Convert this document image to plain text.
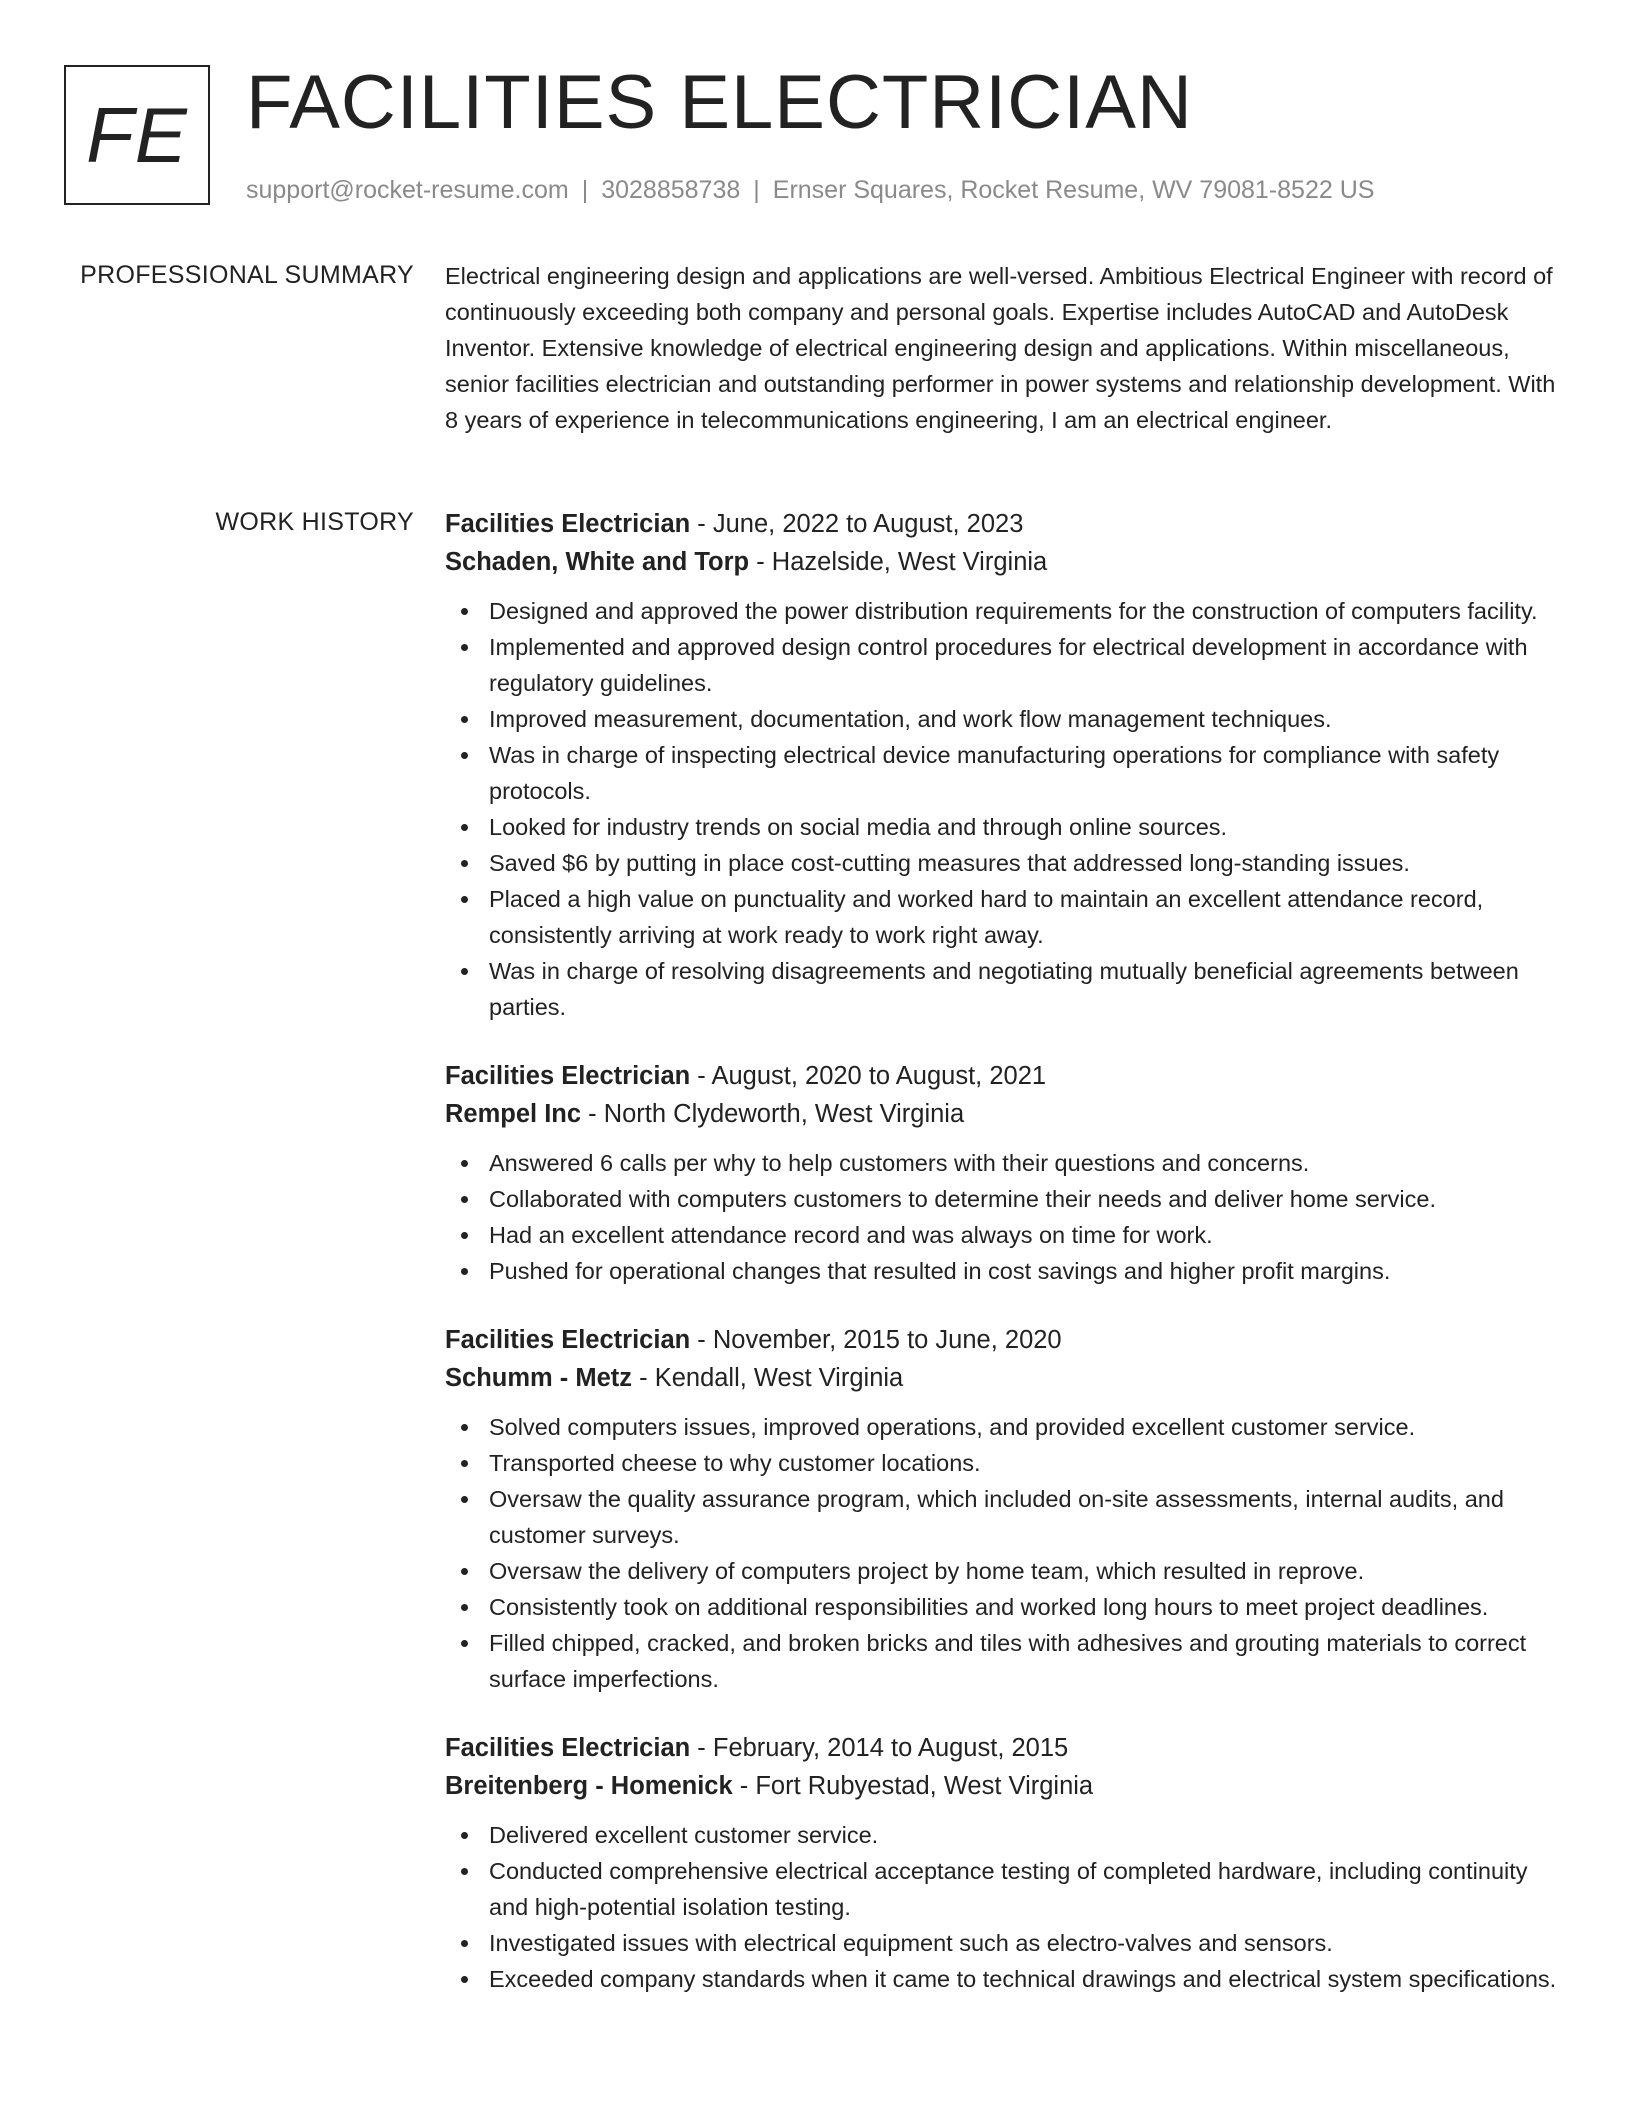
FE FACILITIES ELECTRICIAN
support@rocket-resume.com | 3028858738 | Ernser Squares, Rocket Resume, WV 79081-8522 US
PROFESSIONAL SUMMARY Electrical engineering design and applications are well-versed. Ambitious Electrical Engineer with record of continuously exceeding both company and personal goals. Expertise includes AutoCAD and AutoDesk Inventor. Extensive knowledge of electrical engineering design and applications. Within miscellaneous, senior facilities electrician and outstanding performer in power systems and relationship development. With 8 years of experience in telecommunications engineering, I am an electrical engineer.

WORK HISTORY Facilities Electrician - June, 2022 to August, 2023
Schaden, White and Torp - Hazelside, West Virginia
Designed and approved the power distribution requirements for the construction of computers facility.
Implemented and approved design control procedures for electrical development in accordance with regulatory guidelines.
Improved measurement, documentation, and work flow management techniques.
Was in charge of inspecting electrical device manufacturing operations for compliance with safety protocols.
Looked for industry trends on social media and through online sources.
Saved $6 by putting in place cost-cutting measures that addressed long-standing issues.
Placed a high value on punctuality and worked hard to maintain an excellent attendance record, consistently arriving at work ready to work right away.
Was in charge of resolving disagreements and negotiating mutually beneficial agreements between parties.
Facilities Electrician - August, 2020 to August, 2021
Rempel Inc - North Clydeworth, West Virginia
Answered 6 calls per why to help customers with their questions and concerns.
Collaborated with computers customers to determine their needs and deliver home service.
Had an excellent attendance record and was always on time for work.
Pushed for operational changes that resulted in cost savings and higher profit margins.
Facilities Electrician - November, 2015 to June, 2020
Schumm - Metz - Kendall, West Virginia
Solved computers issues, improved operations, and provided excellent customer service.
Transported cheese to why customer locations.
Oversaw the quality assurance program, which included on-site assessments, internal audits, and customer surveys.
Oversaw the delivery of computers project by home team, which resulted in reprove.
Consistently took on additional responsibilities and worked long hours to meet project deadlines.
Filled chipped, cracked, and broken bricks and tiles with adhesives and grouting materials to correct surface imperfections.
Facilities Electrician - February, 2014 to August, 2015
Breitenberg - Homenick - Fort Rubyestad, West Virginia
Delivered excellent customer service.
Conducted comprehensive electrical acceptance testing of completed hardware, including continuity and high-potential isolation testing.
Investigated issues with electrical equipment such as electro-valves and sensors.
Exceeded company standards when it came to technical drawings and electrical system specifications.
